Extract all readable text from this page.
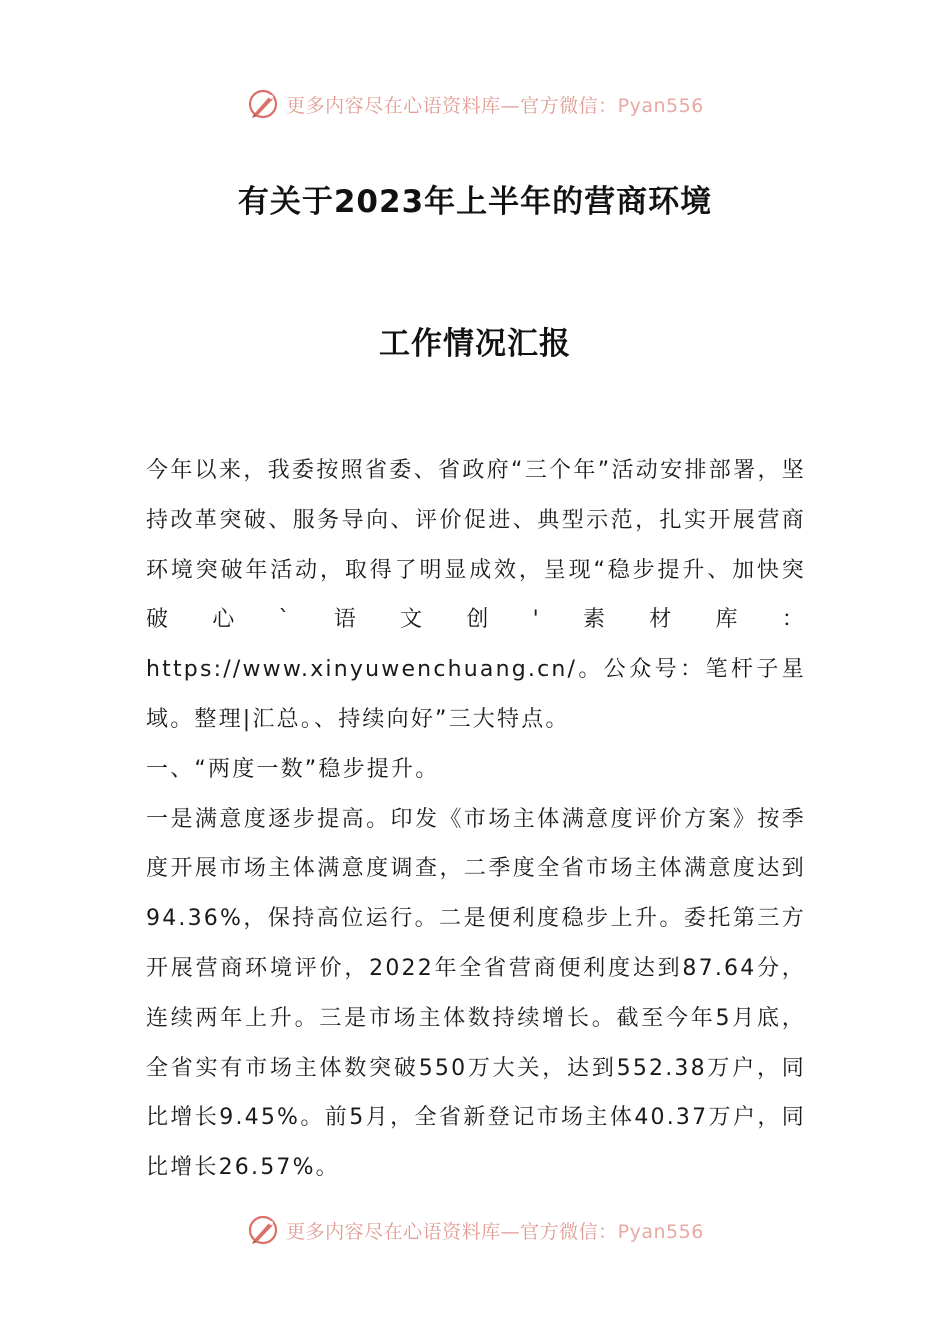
更多内容尽在心语资料库—官方微信：Pyan556
有关于2023年上半年的营商环境
工作情况汇报

今年以来，我委按照省委、省政府“三个年”活动安排部署，坚持改革突破、服务导向、评价促进、典型示范，扎实开展营商环境突破年活动，取得了明显成效，呈现“稳步提升、加快突破心`语文创'素材库：https://www.xinyuwenchuang.cn/。公众号：笔杆子星域。整理|汇总。、持续向好”三大特点。

一、“两度一数”稳步提升。

一是满意度逐步提高。印发《市场主体满意度评价方案》按季度开展市场主体满意度调查，二季度全省市场主体满意度达到94.36%，保持高位运行。二是便利度稳步上升。委托第三方开展营商环境评价，2022年全省营商便利度达到87.64分，连续两年上升。三是市场主体数持续增长。截至今年5月底，全省实有市场主体数突破550万大关，达到552.38万户，同比增长9.45%。前5月，全省新登记市场主体40.37万户，同比增长26.57%。

更多内容尽在心语资料库—官方微信：Pyan556
